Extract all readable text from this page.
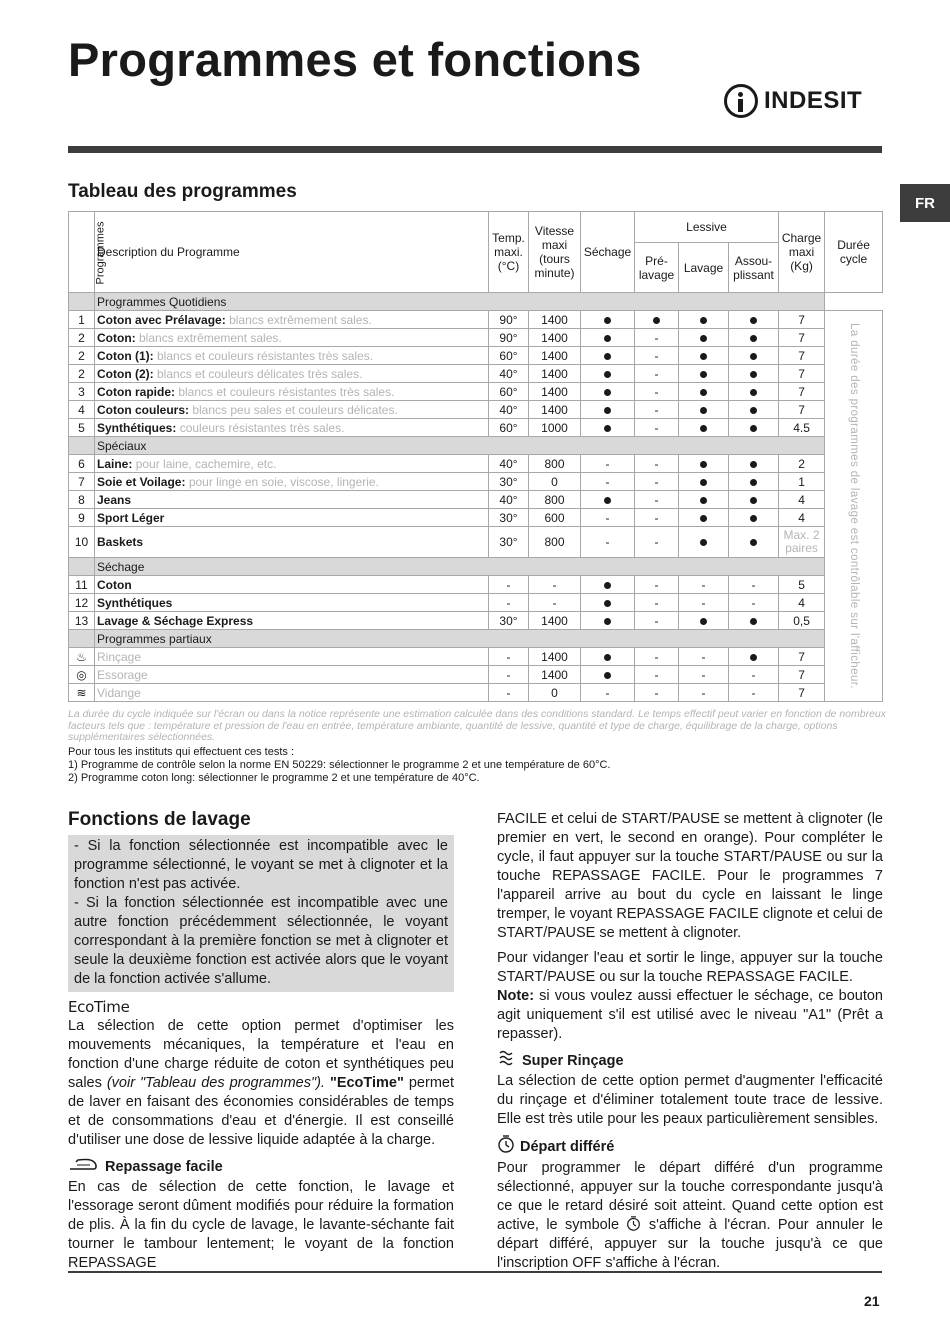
Programmes et fonctions
INDESIT
FR
Tableau des programmes
Programmes	Description du Programme	Temp. maxi. (°C)	Vitesse maxi (tours minute)	Séchage	Lessive			Charge maxi (Kg)	Durée cycle
					Pré-lavage	Lavage	Assou-plissant		
	Programmes Quotidiens								
1	Coton avec Prélavage: blancs extrêmement sales.	90°	1400					7	La durée des programmes de lavage est contrôlable sur l'afficheur.

2	Coton: blancs extrêmement sales.	90°	1400		-			7	
2	Coton (1): blancs et couleurs résistantes très sales.	60°	1400		-			7	
2	Coton (2): blancs et couleurs délicates très sales.	40°	1400		-			7	
3	Coton rapide: blancs et couleurs résistantes très sales.	60°	1400		-			7	
4	Coton couleurs: blancs peu sales et couleurs délicates.	40°	1400		-			7	
5	Synthétiques: couleurs résistantes très sales.	60°	1000		-			4.5	
	Spéciaux								
6	Laine: pour laine, cachemire, etc.	40°	800	-	-			2	
7	Soie et Voilage: pour linge en soie, viscose, lingerie.	30°	0	-	-			1	
8	Jeans	40°	800		-			4	
9	Sport Léger	30°	600	-	-			4	
10	Baskets	30°	800	-	-			Max. 2
paires	

	Séchage								
11	Coton	-	-		-	-	-	5	
12	Synthétiques	-	-		-	-	-	4	
13	Lavage & Séchage Express	30°	1400		-			0,5	
	Programmes partiaux								
♨	Rinçage	-	1400		-	-		7	
◎	Essorage	-	1400		-	-	-	7	
≋	Vidange	-	0	-	-	-	-	7	
La durée du cycle indiquée sur l'écran ou dans la notice représente une estimation calculée dans des conditions standard. Le temps effectif peut varier en fonction de nombreux facteurs tels que : température et pression de l'eau en entrée, température ambiante, quantité de lessive, quantité et type de charge, équilibrage de la charge, options supplémentaires sélectionnées.

Pour tous les instituts qui effectuent ces tests :

1) Programme de contrôle selon la norme EN 50229: sélectionner le programme 2 et une température de 60°C.

2) Programme coton long: sélectionner le programme 2 et une température de 40°C.

Fonctions de lavage

- Si la fonction sélectionnée est incompatible avec le programme sélectionné, le voyant se met à clignoter et la fonction n'est pas activée.

- Si la fonction sélectionnée est incompatible avec une autre fonction précédemment sélectionnée, le voyant correspondant à la première fonction se met à clignoter et seule la deuxième fonction est activée alors que le voyant de la fonction activée s'allume.

EcoTime

La sélection de cette option permet d'optimiser les mouvements mécaniques, la température et l'eau en fonction d'une charge réduite de coton et synthétiques peu sales (voir "Tableau des programmes"). "EcoTime" permet de laver en faisant des économies considérables de temps et de consommations d'eau et d'énergie. Il est conseillé d'utiliser une dose de lessive liquide adaptée à la charge.

Repassage facile

En cas de sélection de cette fonction, le lavage et l'essorage seront dûment modifiés pour réduire la formation de plis. À la fin du cycle de lavage, le lavante-séchante fait tourner le tambour lentement; le voyant de la fonction REPASSAGE

FACILE et celui de START/PAUSE se mettent à clignoter (le premier en vert, le second en orange). Pour compléter le cycle, il faut appuyer sur la touche START/PAUSE ou sur la touche REPASSAGE FACILE. Pour le programmes 7 l'appareil arrive au bout du cycle en laissant le linge tremper, le voyant REPASSAGE FACILE clignote et celui de START/PAUSE se mettent à clignoter.

Pour vidanger l'eau et sortir le linge, appuyer sur la touche START/PAUSE ou sur la touche REPASSAGE FACILE.

Note: si vous voulez aussi effectuer le séchage, ce bouton agit uniquement s'il est utilisé avec le niveau "A1" (Prêt a repasser).

Super Rinçage

La sélection de cette option permet d'augmenter l'efficacité du rinçage et d'éliminer totalement toute trace de lessive. Elle est très utile pour les peaux particulièrement sensibles.

Départ différé

Pour programmer le départ différé d'un programme sélectionné, appuyer sur la touche correspondante jusqu'à ce que le retard désiré soit atteint. Quand cette option est active, le symbole  s'affiche à l'écran. Pour annuler le départ différé, appuyer sur la touche jusqu'à ce que l'inscription OFF s'affiche à l'écran.

21
